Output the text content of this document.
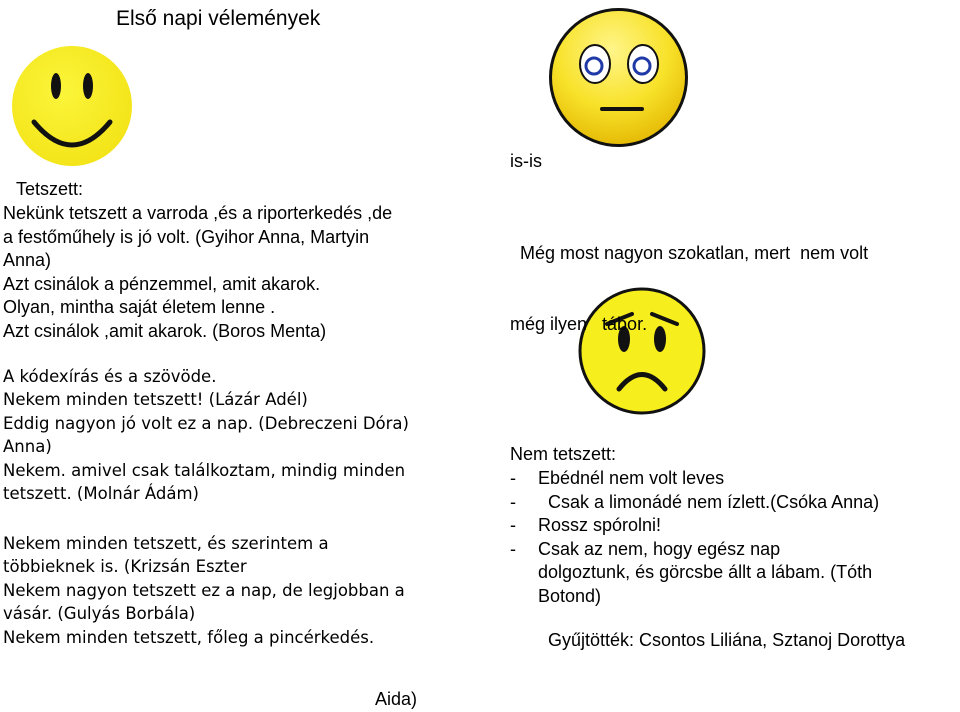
Első napi vélemények
Tetszett:
Nekünk tetszett a varroda ,és a riporterkedés ,de
a festőműhely is jó volt. (Gyihor Anna, Martyin
Anna)
Azt csinálok a pénzemmel, amit akarok.
Olyan, mintha saját életem lenne .
Azt csinálok ,amit akarok. (Boros Menta)
A kódexírás és a szövöde.
Nekem minden tetszett! (Lázár Adél)
Eddig nagyon jó volt ez a nap. (Debreczeni Dóra)
Anna)
Nekem. amivel csak találkoztam, mindig minden
tetszett. (Molnár Ádám)
Nekem minden tetszett, és szerintem a
többieknek is. (Krizsán Eszter
Nekem nagyon tetszett ez a nap, de legjobban a
vásár. (Gulyás Borbála)
Nekem minden tetszett, főleg a pincérkedés.
is-is

Még most nagyon szokatlan, mert  nem volt

még ilyen   tábor.

Nem tetszett:
- Ebédnél nem volt leves
-  Csak a limonádé nem ízlett.(Csóka Anna)
- Rossz spórolni!
- Csak az nem, hogy egész nap
dolgoztunk, és görcsbe állt a lábam. (Tóth
Botond)
Gyűjtötték: Csontos Liliána, Sztanoj Dorottya
Aida)
